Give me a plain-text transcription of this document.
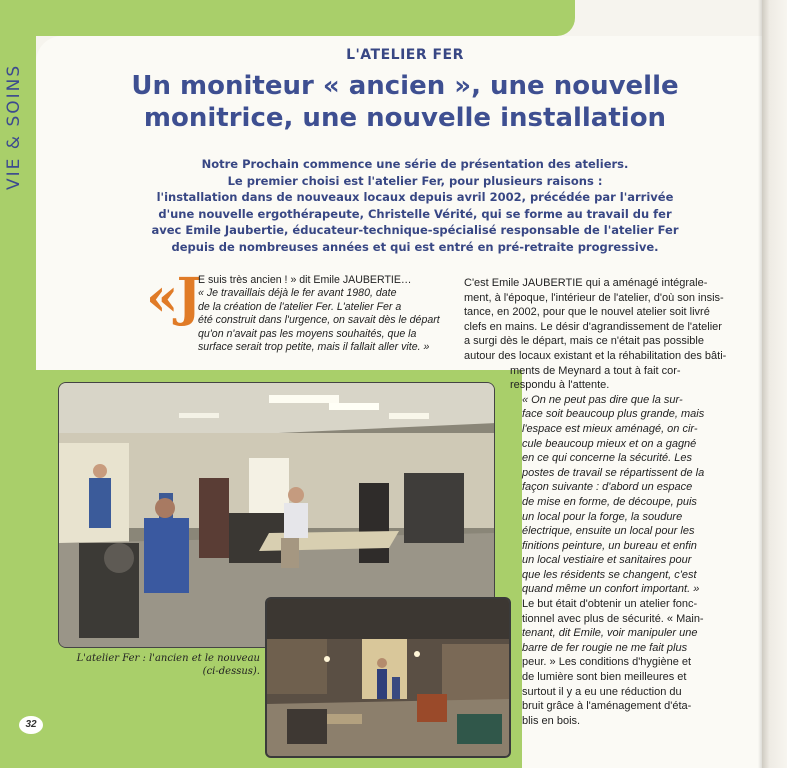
VIE & SOINS
L'ATELIER FER
Un moniteur « ancien », une nouvelle
monitrice, une nouvelle installation
Notre Prochain commence une série de présentation des ateliers.
Le premier choisi est l'atelier Fer, pour plusieurs raisons :
l'installation dans de nouveaux locaux depuis avril 2002, précédée par l'arrivée
d'une nouvelle ergothérapeute, Christelle Vérité, qui se forme au travail du fer
avec Emile Jaubertie, éducateur-technique-spécialisé responsable de l'atelier Fer
depuis de nombreuses années et qui est entré en pré-retraite progressive.
«J
E suis très ancien ! » dit Emile JAUBERTIE…
« Je travaillais déjà le fer avant 1980, date
de la création de l'atelier Fer. L'atelier Fer a
été construit dans l'urgence, on savait dès le départ
qu'on n'avait pas les moyens souhaités, que la
surface serait trop petite, mais il fallait aller vite. »
C'est Emile JAUBERTIE qui a aménagé intégrale-
ment, à l'époque, l'intérieur de l'atelier, d'où son insis-
tance, en 2002, pour que le nouvel atelier soit livré
clefs en mains. Le désir d'agrandissement de l'atelier
a surgi dès le départ, mais ce n'était pas possible
autour des locaux existant et la réhabilitation des bâti-
ments de Meynard a tout à fait cor-
respondu à l'attente.
« On ne peut pas dire que la sur-
face soit beaucoup plus grande, mais
l'espace est mieux aménagé, on cir-
cule beaucoup mieux et on a gagné
en ce qui concerne la sécurité. Les
postes de travail se répartissent de la
façon suivante : d'abord un espace
de mise en forme, de découpe, puis
un local pour la forge, la soudure
électrique, ensuite un local pour les
finitions peinture, un bureau et enfin
un local vestiaire et sanitaires pour
que les résidents se changent, c'est
quand même un confort important. »
Le but était d'obtenir un atelier fonc-
tionnel avec plus de sécurité. « Main-
tenant, dit Emile, voir manipuler une
barre de fer rougie ne me fait plus
peur. » Les conditions d'hygiène et
de lumière sont bien meilleures et
surtout il y a eu une réduction du
bruit grâce à l'aménagement d'éta-
blis en bois.
L'atelier Fer : l'ancien et le nouveau
(ci-dessus).
32
